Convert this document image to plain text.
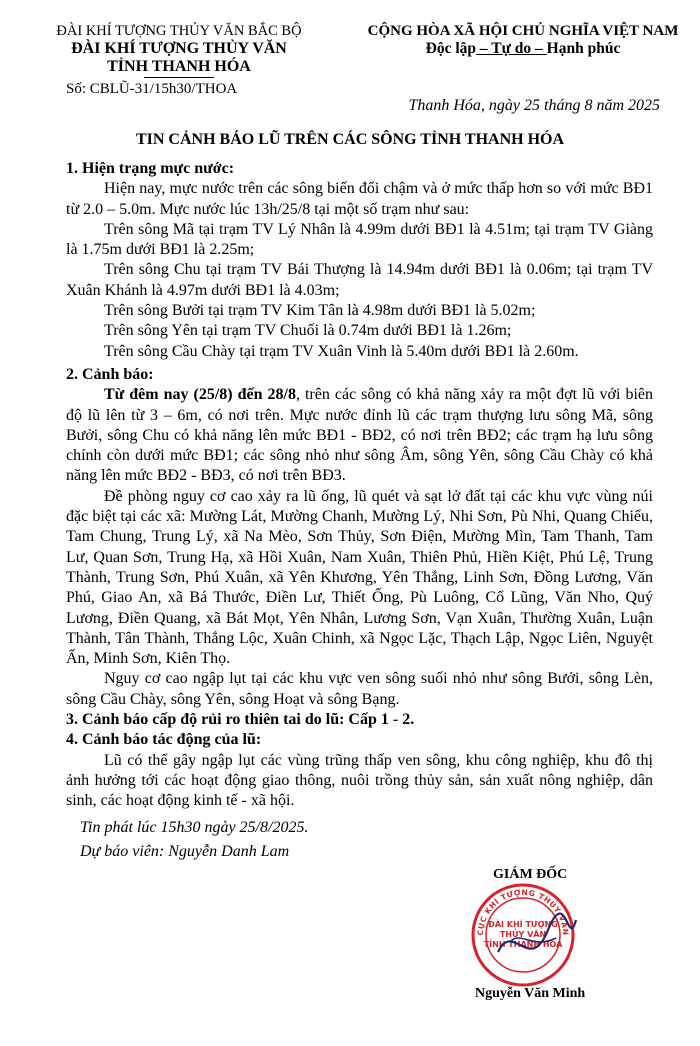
ĐÀI KHÍ TƯỢNG THỦY VĂN BẮC BỘ
ĐÀI KHÍ TƯỢNG THỦY VĂN
TỈNH THANH HÓA
Số: CBLŨ-31/15h30/THOA
CỘNG HÒA XÃ HỘI CHỦ NGHĨA VIỆT NAM
Độc lập – Tự do – Hạnh phúc
Thanh Hóa, ngày 25 tháng 8 năm 2025
TIN CẢNH BÁO LŨ TRÊN CÁC SÔNG TỈNH THANH HÓA

1. Hiện trạng mực nước:

Hiện nay, mực nước trên các sông biến đổi chậm và ở mức thấp hơn so với mức BĐ1 từ 2.0 – 5.0m. Mực nước lúc 13h/25/8 tại một số trạm như sau:

Trên sông Mã tại trạm TV Lý Nhân là 4.99m dưới BĐ1 là 4.51m; tại trạm TV Giàng là 1.75m dưới BĐ1 là 2.25m;

Trên sông Chu tại trạm TV Bái Thượng là 14.94m dưới BĐ1 là 0.06m; tại trạm TV Xuân Khánh là 4.97m dưới BĐ1 là 4.03m;

Trên sông Bưởi tại trạm TV Kim Tân là 4.98m dưới BĐ1 là 5.02m;

Trên sông Yên tại trạm TV Chuối là 0.74m dưới BĐ1 là 1.26m;

Trên sông Cầu Chày tại trạm TV Xuân Vinh là 5.40m dưới BĐ1 là 2.60m.

2. Cảnh báo:

Từ đêm nay (25/8) đến 28/8, trên các sông có khả năng xảy ra một đợt lũ với biên độ lũ lên từ 3 – 6m, có nơi trên. Mực nước đỉnh lũ các trạm thượng lưu sông Mã, sông Bưởi, sông Chu có khả năng lên mức BĐ1 - BĐ2, có nơi trên BĐ2; các trạm hạ lưu sông chính còn dưới mức BĐ1; các sông nhỏ như sông Âm, sông Yên, sông Cầu Chày có khả năng lên mức BĐ2 - BĐ3, có nơi trên BĐ3.

Đề phòng nguy cơ cao xảy ra lũ ống, lũ quét và sạt lở đất tại các khu vực vùng núi đặc biệt tại các xã: Mường Lát, Mường Chanh, Mường Lý, Nhi Sơn, Pù Nhi, Quang Chiểu, Tam Chung, Trung Lý, xã Na Mèo, Sơn Thủy, Sơn Điện, Mường Mìn, Tam Thanh, Tam Lư, Quan Sơn, Trung Hạ, xã Hồi Xuân, Nam Xuân, Thiên Phủ, Hiền Kiệt, Phú Lệ, Trung Thành, Trung Sơn, Phú Xuân, xã Yên Khương, Yên Thắng, Linh Sơn, Đồng Lương, Văn Phú, Giao An, xã Bá Thước, Điền Lư, Thiết Ống, Pù Luông, Cổ Lũng, Văn Nho, Quý Lương, Điền Quang, xã Bát Mọt, Yên Nhân, Lương Sơn, Vạn Xuân, Thường Xuân, Luận Thành, Tân Thành, Thắng Lộc, Xuân Chinh, xã Ngọc Lặc, Thạch Lập, Ngọc Liên, Nguyệt Ấn, Minh Sơn, Kiên Thọ.

Nguy cơ cao ngập lụt tại các khu vực ven sông suối nhỏ như sông Bưởi, sông Lèn, sông Cầu Chày, sông Yên, sông Hoạt và sông Bạng.

3. Cảnh báo cấp độ rủi ro thiên tai do lũ: Cấp 1 - 2.

4. Cảnh báo tác động của lũ:

Lũ có thể gây ngập lụt các vùng trũng thấp ven sông, khu công nghiệp, khu đô thị ảnh hưởng tới các hoạt động giao thông, nuôi trồng thủy sản, sản xuất nông nghiệp, dân sinh, các hoạt động kinh tế - xã hội.

Tin phát lúc 15h30 ngày 25/8/2025.

Dự báo viên: Nguyễn Danh Lam

GIÁM ĐỐC
CỤC KHÍ TƯỢNG THỦY VĂN
ĐÀI KHÍ TƯỢNG
THỦY VĂN
TỈNH THANH HÓA
Nguyễn Văn Minh
